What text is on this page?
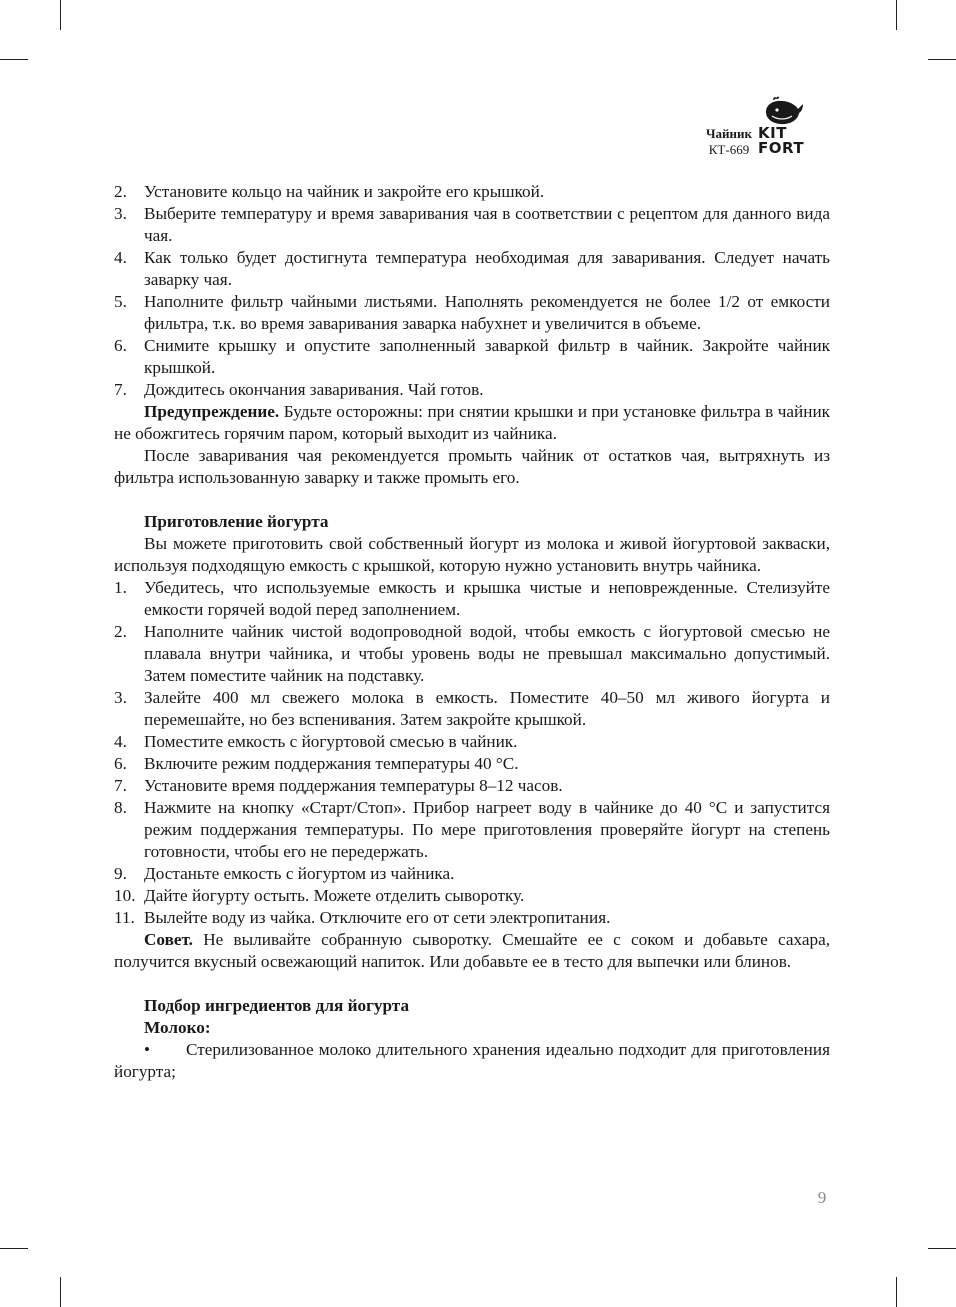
Чайник
КТ-669
KIT
FORT
2. Установите кольцо на чайник и закройте его крышкой.
3. Выберите температуру и время заваривания чая в соответствии с рецептом для данного вида чая.
4. Как только будет достигнута температура необходимая для заваривания. Следует начать заварку чая.
5. Наполните фильтр чайными листьями. Наполнять рекомендуется не более 1/2 от емкости фильтра, т.к. во время заваривания заварка набухнет и увеличится в объеме.
6. Снимите крышку и опустите заполненный заваркой фильтр в чайник. Закройте чайник крышкой.
7. Дождитесь окончания заваривания. Чай готов.
Предупреждение. Будьте осторожны: при снятии крышки и при установке фильтра в чайник не обожгитесь горячим паром, который выходит из чайника.
После заваривания чая рекомендуется промыть чайник от остатков чая, вытряхнуть из фильтра использованную заварку и также промыть его.
Приготовление йогурта
Вы можете приготовить свой собственный йогурт из молока и живой йогуртовой закваски, используя подходящую емкость с крышкой, которую нужно установить внутрь чайника.
1. Убедитесь, что используемые емкость и крышка чистые и неповрежденные. Стелизуйте емкости горячей водой перед заполнением.
2. Наполните чайник чистой водопроводной водой, чтобы емкость с йогуртовой смесью не плавала внутри чайника, и чтобы уровень воды не превышал максимально допустимый. Затем поместите чайник на подставку.
3. Залейте 400 мл свежего молока в емкость. Поместите 40–50 мл живого йогурта и перемешайте, но без вспенивания. Затем закройте крышкой.
4. Поместите емкость с йогуртовой смесью в чайник.
6. Включите режим поддержания температуры 40 °С.
7. Установите время поддержания температуры 8–12 часов.
8. Нажмите на кнопку «Старт/Стоп». Прибор нагреет воду в чайнике до 40 °С и запустится режим поддержания температуры. По мере приготовления проверяйте йогурт на степень готовности, чтобы его не передержать.
9. Достаньте емкость с йогуртом из чайника.
10. Дайте йогурту остыть. Можете отделить сыворотку.
11. Вылейте воду из чайка. Отключите его от сети электропитания.
Совет. Не выливайте собранную сыворотку. Смешайте ее с соком и добавьте сахара, получится вкусный освежающий напиток. Или добавьте ее в тесто для выпечки или блинов.
Подбор ингредиентов для йогурта
Молоко:
• Стерилизованное молоко длительного хранения идеально подходит для приготовления йогурта;
9
